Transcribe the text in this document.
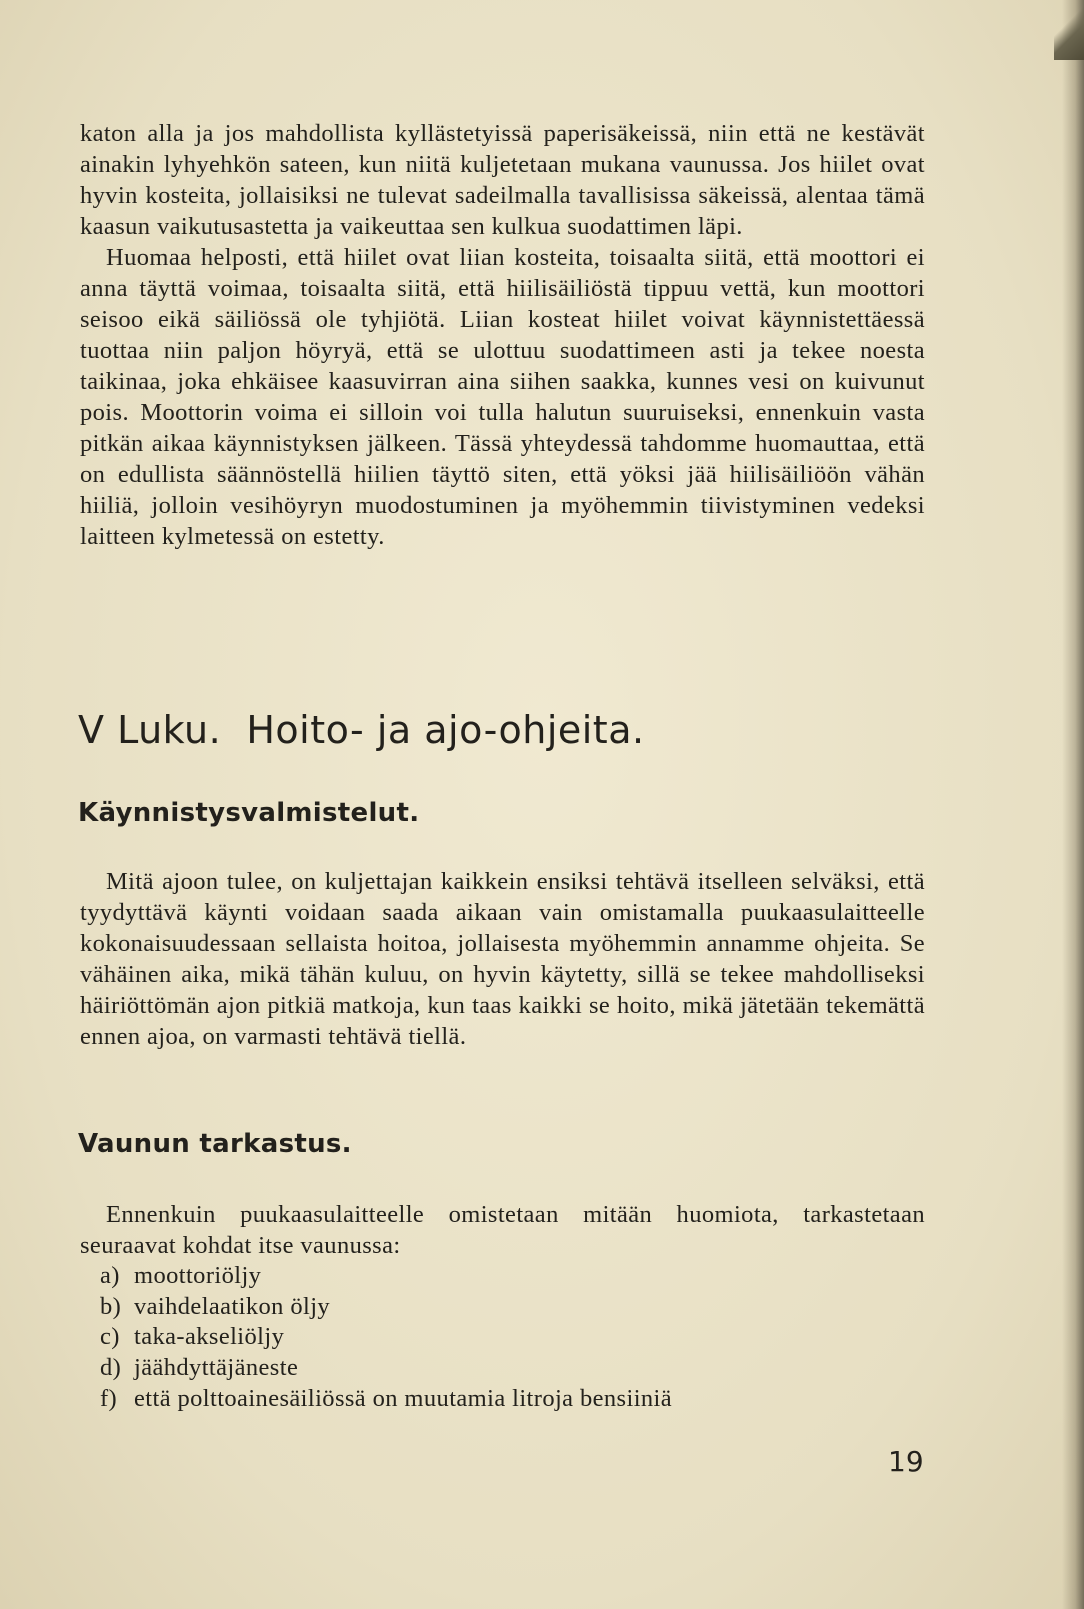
katon alla ja jos mahdollista kyllästetyissä paperisäkeissä, niin että ne kestävät ainakin lyhyehkön sateen, kun niitä kuljetetaan mukana vaunussa. Jos hiilet ovat hyvin kosteita, jollaisiksi ne tulevat sadeilmalla tavallisissa säkeissä, alentaa tämä kaasun vaikutusastetta ja vaikeuttaa sen kulkua suodattimen läpi.

Huomaa helposti, että hiilet ovat liian kosteita, toisaalta siitä, että moottori ei anna täyttä voimaa, toisaalta siitä, että hiilisäiliöstä tippuu vettä, kun moottori seisoo eikä säiliössä ole tyhjiötä. Liian kosteat hiilet voivat käynnistettäessä tuottaa niin paljon höyryä, että se ulottuu suodattimeen asti ja tekee noesta taikinaa, joka ehkäisee kaasuvirran aina siihen saakka, kunnes vesi on kuivunut pois. Moottorin voima ei silloin voi tulla halutun suuruiseksi, ennenkuin vasta pitkän aikaa käynnistyksen jälkeen. Tässä yhteydessä tahdomme huomauttaa, että on edullista säännöstellä hiilien täyttö siten, että yöksi jää hiilisäiliöön vähän hiiliä, jolloin vesihöyryn muodostuminen ja myöhemmin tiivistyminen vedeksi laitteen kylmetessä on estetty.

V Luku.  Hoito- ja ajo-ohjeita.
Käynnistysvalmistelut.

Mitä ajoon tulee, on kuljettajan kaikkein ensiksi tehtävä itselleen selväksi, että tyydyttävä käynti voidaan saada aikaan vain omistamalla puukaasulaitteelle kokonaisuudessaan sellaista hoitoa, jollaisesta myöhemmin annamme ohjeita. Se vähäinen aika, mikä tähän kuluu, on hyvin käytetty, sillä se tekee mahdolliseksi häiriöttömän ajon pitkiä matkoja, kun taas kaikki se hoito, mikä jätetään tekemättä ennen ajoa, on varmasti tehtävä tiellä.

Vaunun tarkastus.

Ennenkuin puukaasulaitteelle omistetaan mitään huomiota, tarkastetaan seuraavat kohdat itse vaunussa:

a) moottoriöljy
b) vaihdelaatikon öljy
c) taka-akseliöljy
d) jäähdyttäjäneste
f) että polttoainesäiliössä on muutamia litroja bensiiniä
19
